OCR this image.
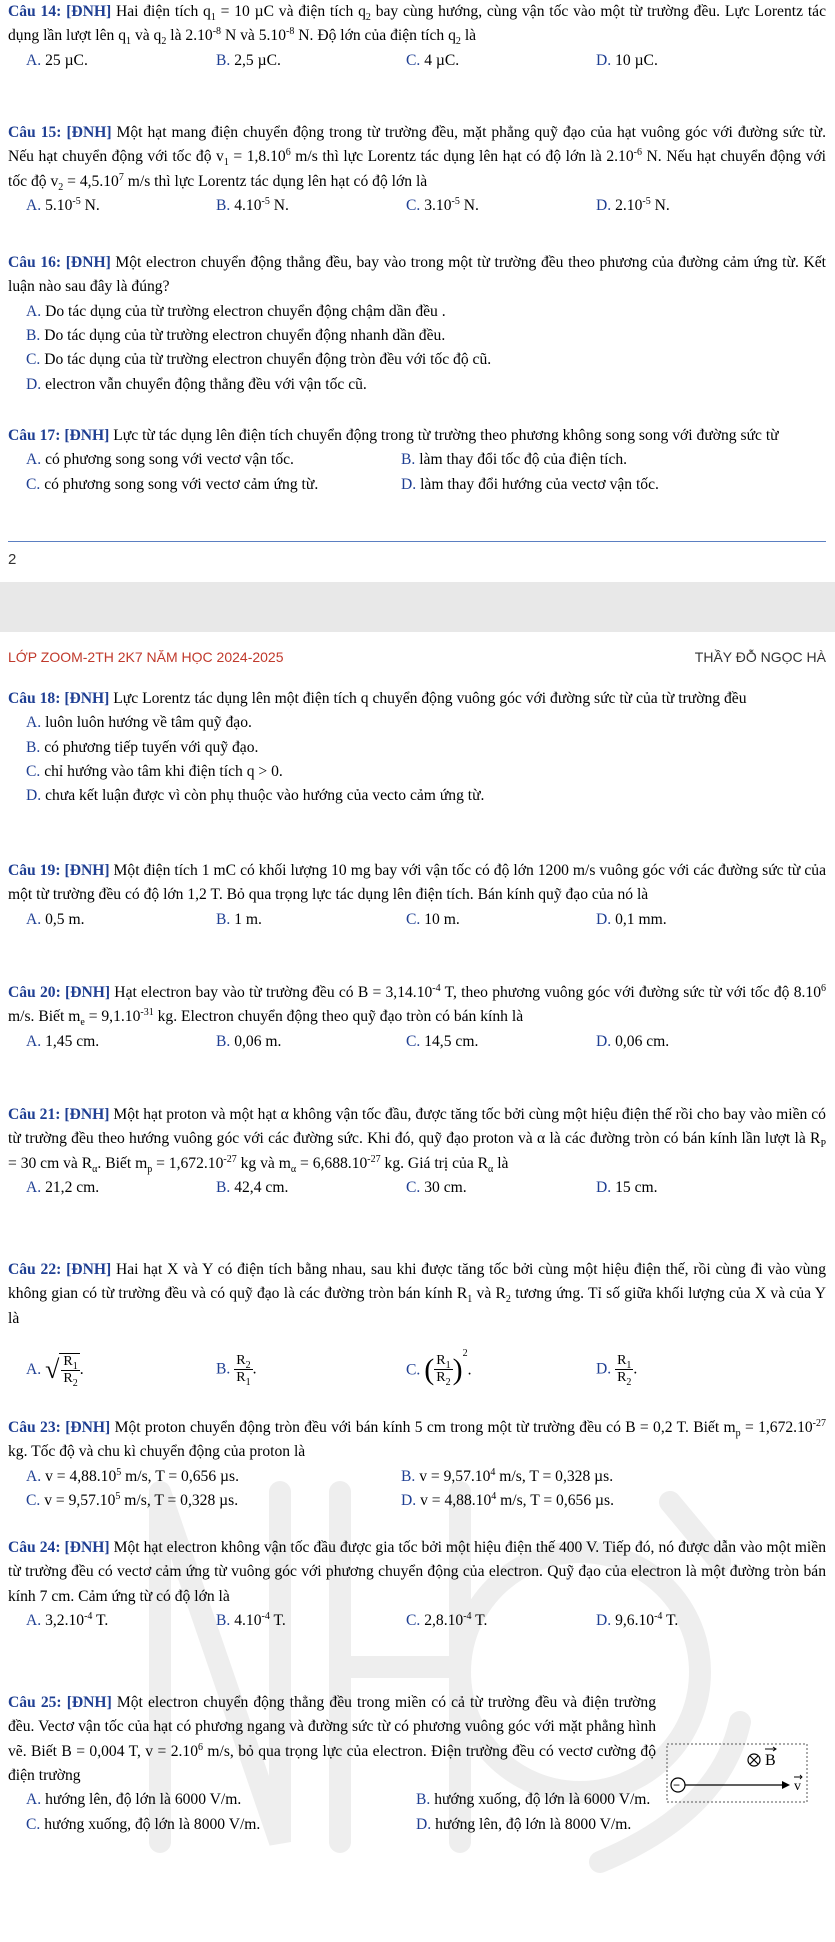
Câu 14: [ĐNH] Hai điện tích $q_1 = 10$ µC và điện tích $q_2$ bay cùng hướng, cùng vận tốc vào một từ trường đều. Lực Lorentz tác dụng lần lượt lên $q_1$ và $q_2$ là $2.10^{-8}$ N và $5.10^{-8}$ N. Độ lớn của điện tích $q_2$ là
A. 25 µC.	B. 2,5 µC.	C. 4 µC.	D. 10 µC.
Câu 15: [ĐNH] Một hạt mang điện chuyển động trong từ trường đều, mặt phẳng quỹ đạo của hạt vuông góc với đường sức từ. Nếu hạt chuyển động với tốc độ $v_1 = 1,8.10^6$ m/s thì lực Lorentz tác dụng lên hạt có độ lớn là $2.10^{-6}$ N. Nếu hạt chuyển động với tốc độ $v_2 = 4,5.10^7$ m/s thì lực Lorentz tác dụng lên hạt có độ lớn là
A. $5.10^{-5}$ N.	B. $4.10^{-5}$ N.	C. $3.10^{-5}$ N.	D. $2.10^{-5}$ N.
Câu 16: [ĐNH] Một electron chuyển động thẳng đều, bay vào trong một từ trường đều theo phương của đường cảm ứng từ. Kết luận nào sau đây là đúng?
A. Do tác dụng của từ trường electron chuyển động chậm dần đều .
B. Do tác dụng của từ trường electron chuyển động nhanh dần đều.
C. Do tác dụng của từ trường electron chuyển động tròn đều với tốc độ cũ.
D. electron vẫn chuyển động thẳng đều với vận tốc cũ.
Câu 17: [ĐNH] Lực từ tác dụng lên điện tích chuyển động trong từ trường theo phương không song song với đường sức từ
A. có phương song song với vectơ vận tốc.	B. làm thay đổi tốc độ của điện tích.
C. có phương song song với vectơ cảm ứng từ.	D. làm thay đổi hướng của vectơ vận tốc.
2
LỚP ZOOM-2TH 2K7 NĂM HỌC 2024-2025	THẦY ĐỖ NGỌC HÀ
Câu 18: [ĐNH] Lực Lorentz tác dụng lên một điện tích q chuyển động vuông góc với đường sức từ của từ trường đều
A. luôn luôn hướng về tâm quỹ đạo.
B. có phương tiếp tuyến với quỹ đạo.
C. chỉ hướng vào tâm khi điện tích q > 0.
D. chưa kết luận được vì còn phụ thuộc vào hướng của vecto cảm ứng từ.
Câu 19: [ĐNH] Một điện tích 1 mC có khối lượng 10 mg bay với vận tốc có độ lớn 1200 m/s vuông góc với các đường sức từ của một từ trường đều có độ lớn 1,2 T. Bỏ qua trọng lực tác dụng lên điện tích. Bán kính quỹ đạo của nó là
A. 0,5 m.	B. 1 m.	C. 10 m.	D. 0,1 mm.
Câu 20: [ĐNH] Hạt electron bay vào từ trường đều có $B = 3,14.10^{-4}$ T, theo phương vuông góc với đường sức từ với tốc độ 8.10$^6$ m/s. Biết $m_e = 9,1.10^{-31}$ kg. Electron chuyển động theo quỹ đạo tròn có bán kính là
A. 1,45 cm.	B. 0,06 m.	C. 14,5 cm.	D. 0,06 cm.
Câu 21: [ĐNH] Một hạt proton và một hạt α không vận tốc đầu, được tăng tốc bởi cùng một hiệu điện thế rồi cho bay vào miền có từ trường đều theo hướng vuông góc với các đường sức. Khi đó, quỹ đạo proton và α là các đường tròn có bán kính lần lượt là $R_P = 30$ cm và $R_\alpha$. Biết $m_p = 1,672.10^{-27}$ kg và $m_\alpha = 6,688.10^{-27}$ kg. Giá trị của $R_\alpha$ là
A. 21,2 cm.	B. 42,4 cm.	C. 30 cm.	D. 15 cm.
Câu 22: [ĐNH] Hai hạt X và Y có điện tích bằng nhau, sau khi được tăng tốc bởi cùng một hiệu điện thế, rồi cùng đi vào vùng không gian có từ trường đều và có quỹ đạo là các đường tròn bán kính $R_1$ và $R_2$ tương ứng. Tỉ số giữa khối lượng của X và của Y là
A. √ $\frac{R_1}{R_2}$ .	B. $\frac{R_2}{R_1}$ .	C. ( $\frac{R_1}{R_2} )^2$.	D. $\frac{R_1}{R_2}$ .
Câu 23: [ĐNH] Một proton chuyển động tròn đều với bán kính 5 cm trong một từ trường đều có B = 0,2 T. Biết $m_p = 1,672.10^{-27}$ kg. Tốc độ và chu kì chuyển động của proton là
A. $v = 4,88.10^5$ m/s, T = 0,656 µs.	B. $v = 9,57.10^4$ m/s, T = 0,328 µs.
C. $v = 9,57.10^5$ m/s, T = 0,328 µs.	D. $v = 4,88.10^4$ m/s, T = 0,656 µs.
Câu 24: [ĐNH] Một hạt electron không vận tốc đầu được gia tốc bởi một hiệu điện thế 400 V. Tiếp đó, nó được dẫn vào một miền từ trường đều có vectơ cảm ứng từ vuông góc với phương chuyển động của electron. Quỹ đạo của electron là một đường tròn bán kính 7 cm. Cảm ứng từ có độ lớn là
A. $3,2.10^{-4}$ T.	B. $4.10^{-4}$ T.	C. $2,8.10^{-4}$ T.	D. $9,6.10^{-4}$ T.
Câu 25: [ĐNH] Một electron chuyển động thẳng đều trong miền có cả từ trường đều và điện trường đều. Vectơ vận tốc của hạt có phương ngang và đường sức từ có phương vuông góc với mặt phẳng hình vẽ. Biết B = 0,004 T, $v = 2.10^6$ m/s, bỏ qua trọng lực của electron. Điện trường đều có vectơ cường độ điện trường
A. hướng lên, độ lớn là 6000 V/m.	B. hướng xuống, độ lớn là 6000 V/m.
C. hướng xuống, độ lớn là 8000 V/m.	D. hướng lên, độ lớn là 8000 V/m.
B
−	v
